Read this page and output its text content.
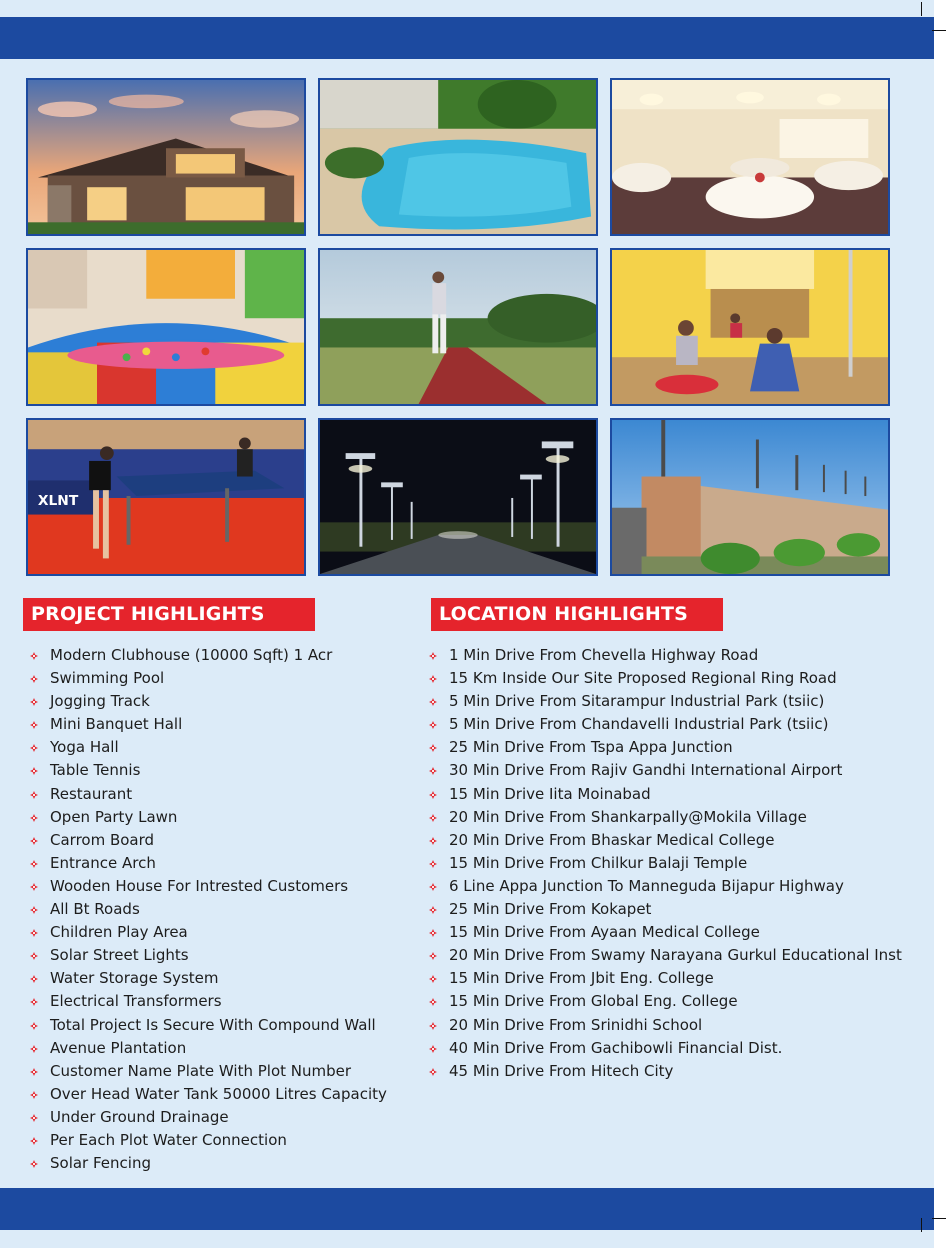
XLNT
PROJECT HIGHLIGHTS	LOCATION HIGHLIGHTS
Modern Clubhouse (10000 Sqft) 1 Acr
Swimming Pool
Jogging Track
Mini Banquet Hall
Yoga Hall
Table Tennis
Restaurant
Open Party Lawn
Carrom Board
Entrance Arch
Wooden House For Intrested Customers
All Bt Roads
Children Play Area
Solar Street Lights
Water Storage System
Electrical Transformers
Total Project Is Secure With Compound Wall
Avenue Plantation
Customer Name Plate With Plot Number
Over Head Water Tank 50000 Litres Capacity
Under Ground Drainage
Per Each Plot Water Connection
Solar Fencing
1 Min Drive From Chevella Highway Road
15 Km Inside Our Site Proposed Regional Ring Road
5 Min Drive From Sitarampur Industrial Park (tsiic)
5 Min Drive From Chandavelli Industrial Park (tsiic)
25 Min Drive From Tspa Appa Junction
30 Min Drive From Rajiv Gandhi International Airport
15 Min Drive Iita Moinabad
20 Min Drive From Shankarpally@Mokila Village
20 Min Drive From Bhaskar Medical College
15 Min Drive From Chilkur Balaji Temple
6 Line Appa Junction To Manneguda Bijapur Highway
25 Min Drive From Kokapet
15 Min Drive From Ayaan Medical College
20 Min Drive From Swamy Narayana Gurkul Educational Inst
15 Min Drive From Jbit Eng. College
15 Min Drive From Global Eng. College
20 Min Drive From Srinidhi School
40 Min Drive From Gachibowli Financial Dist.
45 Min Drive From Hitech City
